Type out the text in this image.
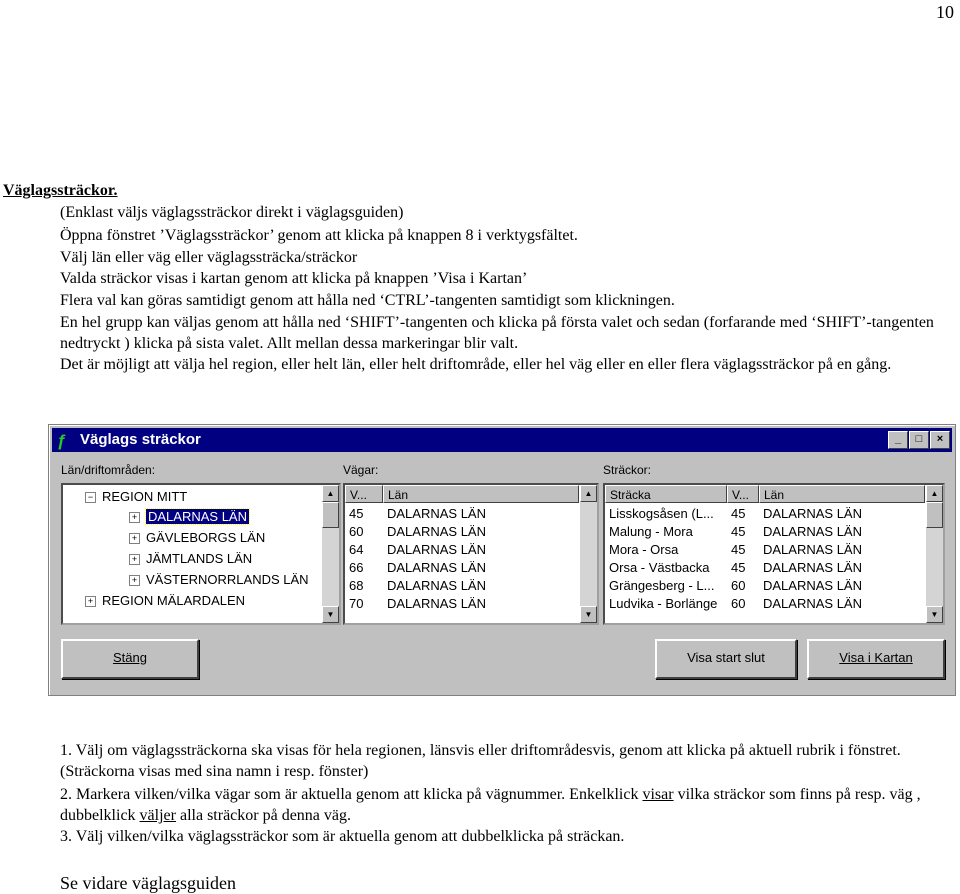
10
Väglagssträckor.
(Enklast väljs väglagssträckor direkt i väglagsguiden)
Öppna fönstret ’Väglagssträckor’ genom att klicka på knappen 8 i verktygsfältet.
Välj län eller väg eller väglagssträcka/sträckor
Valda sträckor visas i kartan genom att klicka på knappen ’Visa i Kartan’
Flera val kan göras samtidigt genom att hålla ned ‘CTRL’-tangenten samtidigt som klickningen.
En hel grupp kan väljas genom att hålla ned ‘SHIFT’-tangenten och klicka på första valet och sedan (forfarande med ‘SHIFT’-tangenten nedtryckt ) klicka på sista valet. Allt mellan dessa markeringar blir valt.
Det är möjligt att välja hel region, eller helt län, eller helt driftområde, eller hel väg eller en eller flera väglagssträckor på en gång.
ƒ Väglags sträckor	_	□	×
Län/driftområden:	Vägar:	Sträckor:
− REGION MITT
+ DALARNAS LÄN
+ GÄVLEBORGS LÄN
+ JÄMTLANDS LÄN
+ VÄSTERNORRLANDS LÄN
+ REGION MÄLARDALEN
▲
▼
V...	Län
45 DALARNAS LÄN
60 DALARNAS LÄN
64 DALARNAS LÄN
66 DALARNAS LÄN
68 DALARNAS LÄN
70 DALARNAS LÄN
▲
▼
Sträcka	V...	Län
Lisskogsåsen (L... 45 DALARNAS LÄN
Malung - Mora	45 DALARNAS LÄN
Mora - Orsa	45 DALARNAS LÄN
Orsa - Västbacka 45 DALARNAS LÄN
Grängesberg - L... 60 DALARNAS LÄN
Ludvika - Borlänge 60 DALARNAS LÄN
▲
▼
Stäng	Visa start slut	Visa i Kartan
1. Välj om väglagssträckorna ska visas för hela regionen, länsvis eller driftområdesvis, genom att klicka på aktuell rubrik i fönstret. (Sträckorna visas med sina namn i resp. fönster)
2. Markera vilken/vilka vägar som är aktuella genom att klicka på vägnummer. Enkelklick visar vilka sträckor som finns på resp. väg , dubbelklick väljer alla sträckor på denna väg.
3. Välj vilken/vilka väglagssträckor som är aktuella genom att dubbelklicka på sträckan.
Se vidare väglagsguiden
